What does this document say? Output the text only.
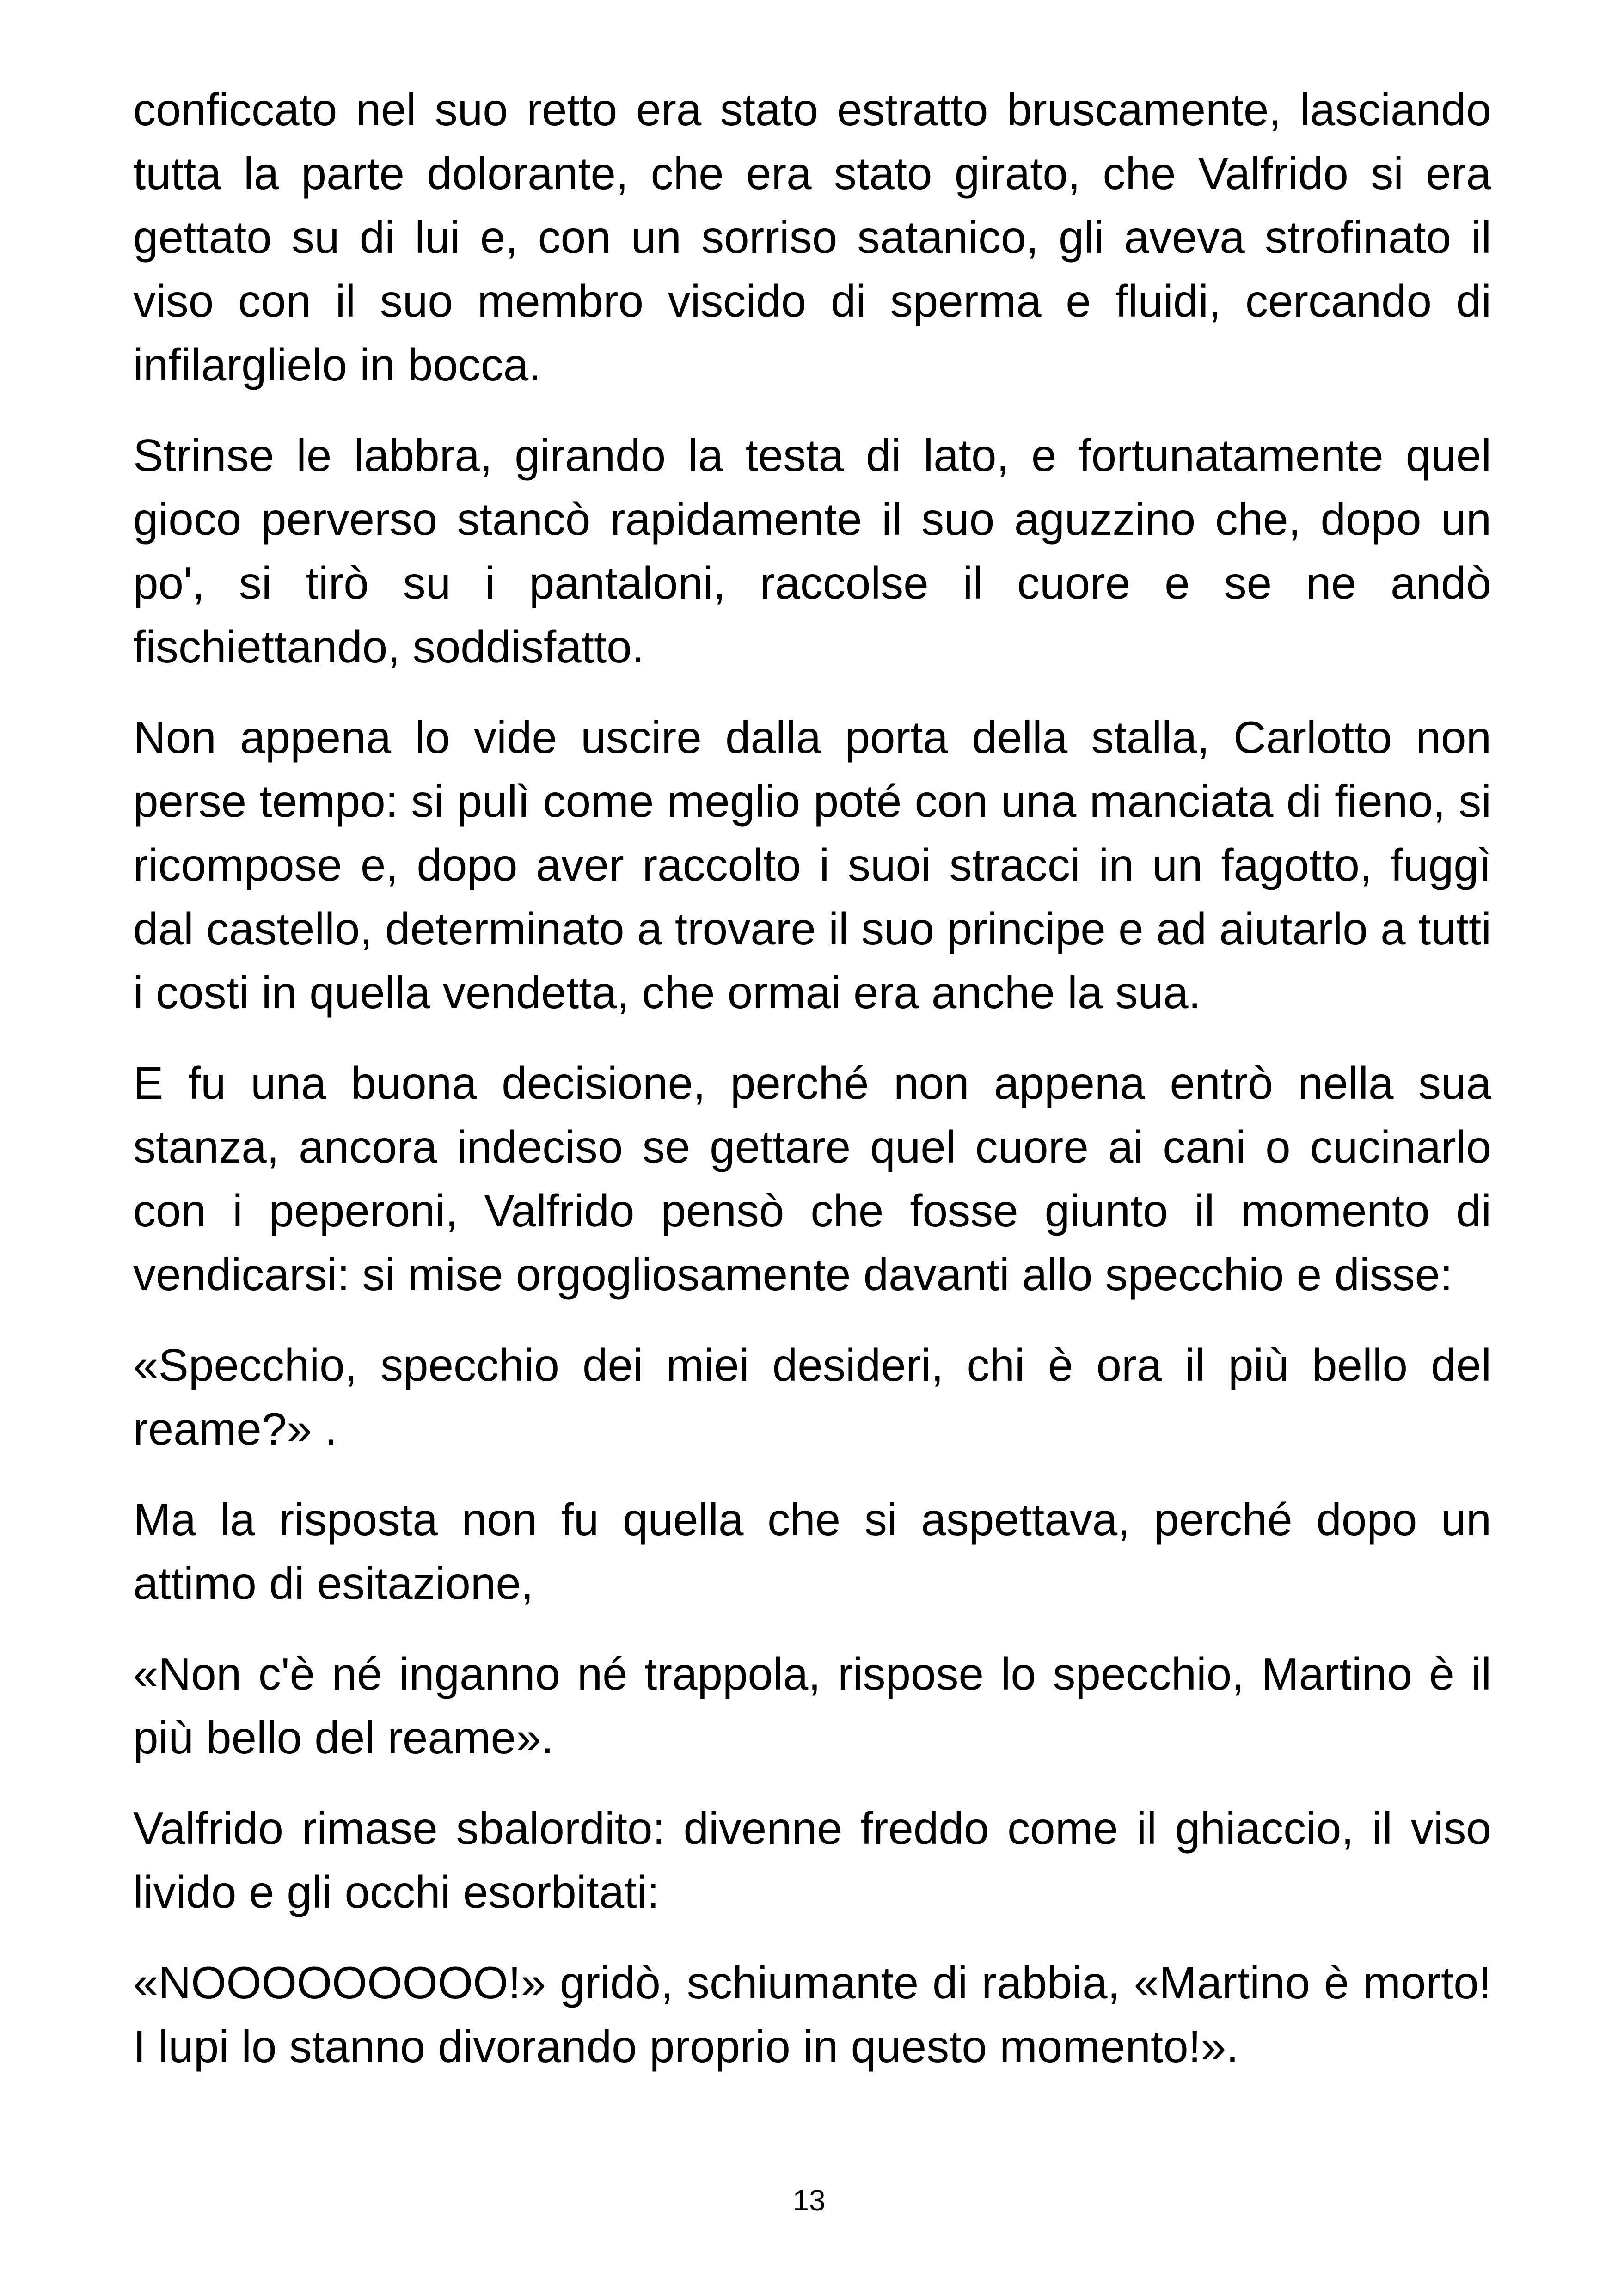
conficcato nel suo retto era stato estratto bruscamente, lasciando tutta la parte dolorante, che era stato girato, che Valfrido si era gettato su di lui e, con un sorriso satanico, gli aveva strofinato il viso con il suo membro viscido di sperma e fluidi, cercando di infilarglielo in bocca.

Strinse le labbra, girando la testa di lato, e fortunatamente quel gioco perverso stancò rapidamente il suo aguzzino che, dopo un po', si tirò su i pantaloni, raccolse il cuore e se ne andò fischiettando, soddisfatto.

Non appena lo vide uscire dalla porta della stalla, Carlotto non perse tempo: si pulì come meglio poté con una manciata di fieno, si ricompose e, dopo aver raccolto i suoi stracci in un fagotto, fuggì dal castello, determinato a trovare il suo principe e ad aiutarlo a tutti i costi in quella vendetta, che ormai era anche la sua.

E fu una buona decisione, perché non appena entrò nella sua stanza, ancora indeciso se gettare quel cuore ai cani o cucinarlo con i peperoni, Valfrido pensò che fosse giunto il momento di vendicarsi: si mise orgogliosamente davanti allo specchio e disse:

«Specchio, specchio dei miei desideri, chi è ora il più bello del reame?» .

Ma la risposta non fu quella che si aspettava, perché dopo un attimo di esitazione,

«Non c'è né inganno né trappola, rispose lo specchio, Martino è il più bello del reame».

Valfrido rimase sbalordito: divenne freddo come il ghiaccio, il viso livido e gli occhi esorbitati:

«NOOOOOOOOO!» gridò, schiumante di rabbia, «Martino è morto! I lupi lo stanno divorando proprio in questo momento!».

13
